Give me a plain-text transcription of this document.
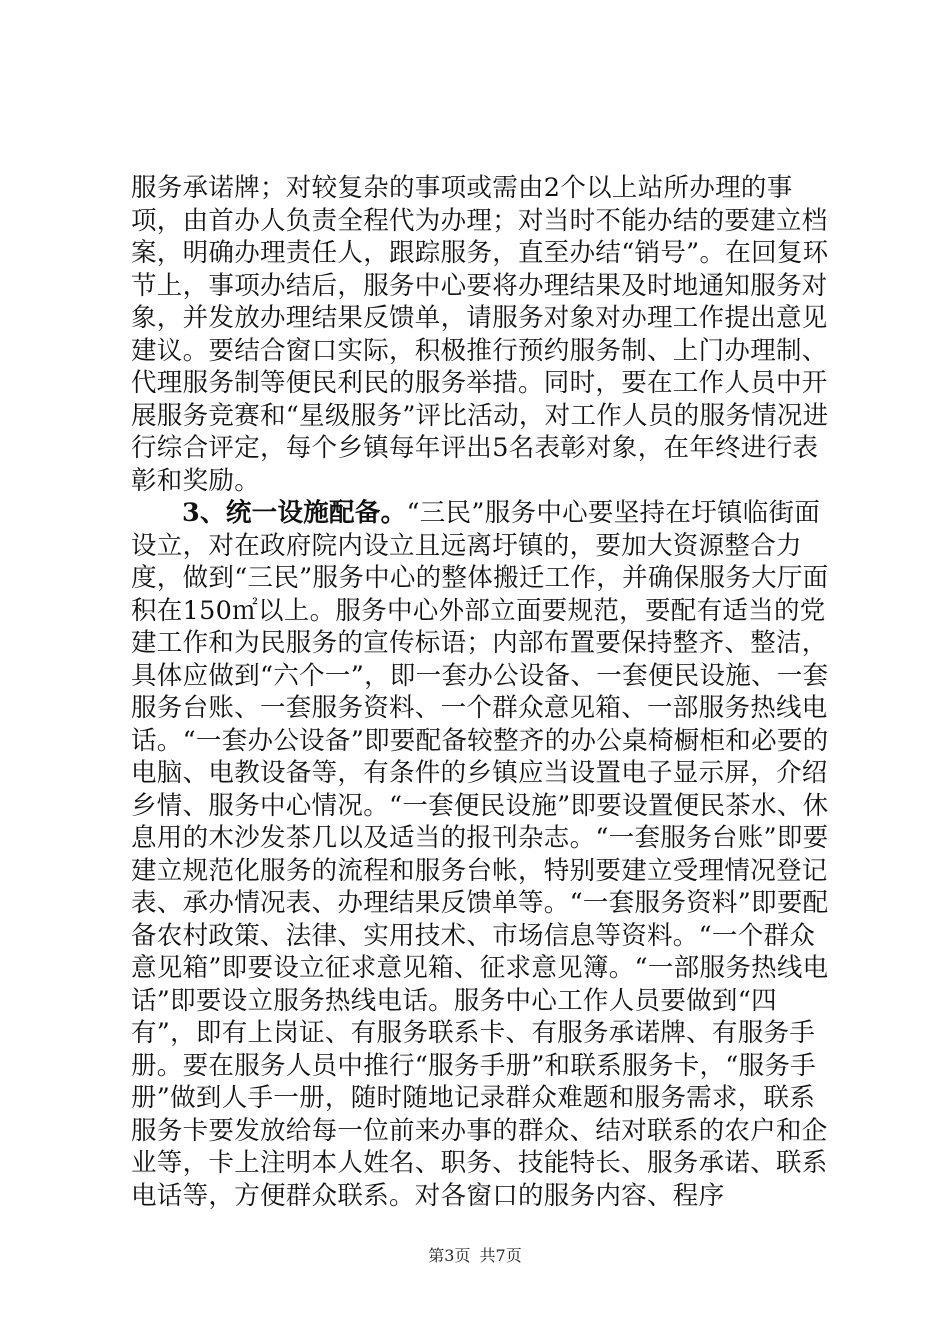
服务承诺牌；对较复杂的事项或需由2个以上站所办理的事项，由首办人负责全程代为办理；对当时不能办结的要建立档案，明确办理责任人，跟踪服务，直至办结“销号”。在回复环节上，事项办结后，服务中心要将办理结果及时地通知服务对象，并发放办理结果反馈单，请服务对象对办理工作提出意见建议。要结合窗口实际，积极推行预约服务制、上门办理制、代理服务制等便民利民的服务举措。同时，要在工作人员中开展服务竞赛和“星级服务”评比活动，对工作人员的服务情况进行综合评定，每个乡镇每年评出5名表彰对象，在年终进行表彰和奖励。

3、统一设施配备。“三民”服务中心要坚持在圩镇临街面设立，对在政府院内设立且远离圩镇的，要加大资源整合力度，做到“三民”服务中心的整体搬迁工作，并确保服务大厅面积在150㎡以上。服务中心外部立面要规范，要配有适当的党建工作和为民服务的宣传标语；内部布置要保持整齐、整洁，具体应做到“六个一”，即一套办公设备、一套便民设施、一套服务台账、一套服务资料、一个群众意见箱、一部服务热线电话。“一套办公设备”即要配备较整齐的办公桌椅橱柜和必要的电脑、电教设备等，有条件的乡镇应当设置电子显示屏，介绍乡情、服务中心情况。“一套便民设施”即要设置便民茶水、休息用的木沙发茶几以及适当的报刊杂志。“一套服务台账”即要建立规范化服务的流程和服务台帐，特别要建立受理情况登记表、承办情况表、办理结果反馈单等。“一套服务资料”即要配备农村政策、法律、实用技术、市场信息等资料。“一个群众意见箱”即要设立征求意见箱、征求意见簿。“一部服务热线电话”即要设立服务热线电话。服务中心工作人员要做到“四有”，即有上岗证、有服务联系卡、有服务承诺牌、有服务手册。要在服务人员中推行“服务手册”和联系服务卡，“服务手册”做到人手一册，随时随地记录群众难题和服务需求，联系服务卡要发放给每一位前来办事的群众、结对联系的农户和企业等，卡上注明本人姓名、职务、技能特长、服务承诺、联系电话等，方便群众联系。对各窗口的服务内容、程序

第3页 共7页
